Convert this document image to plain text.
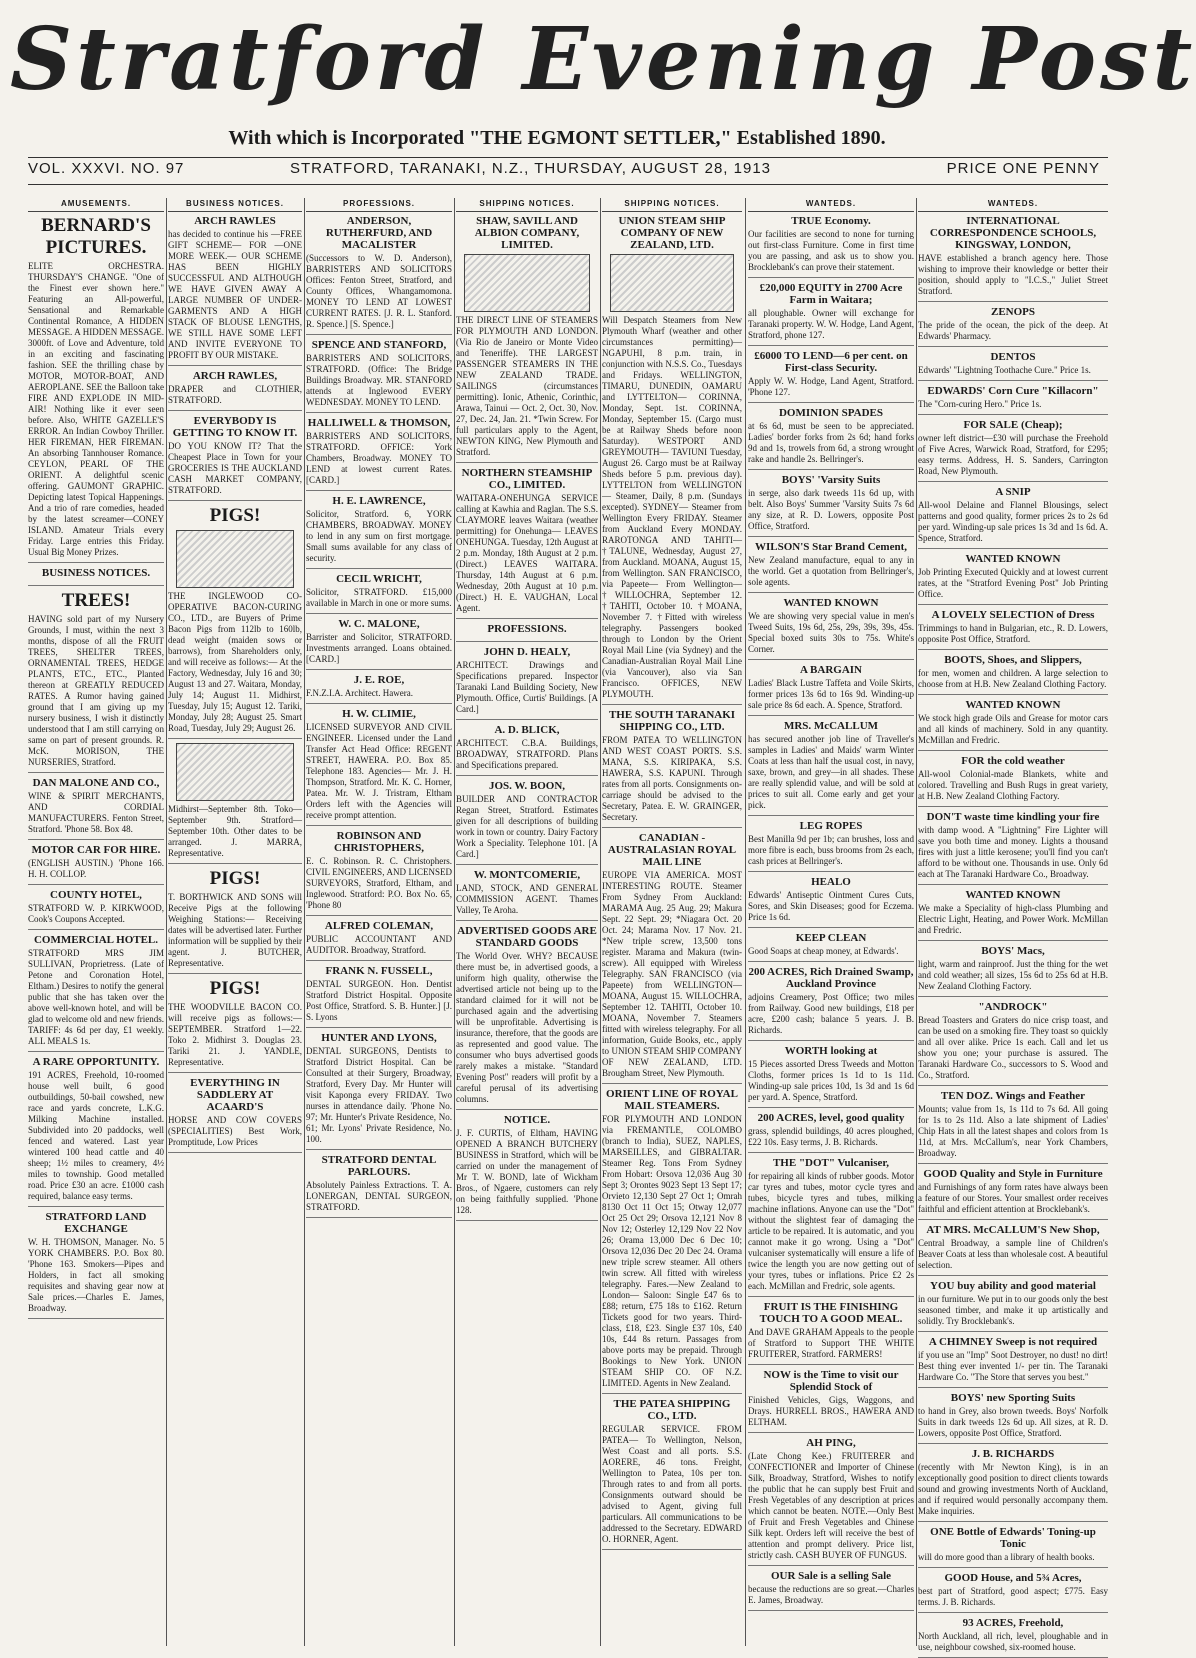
Stratford Evening Post
With which is Incorporated "THE EGMONT SETTLER," Established 1890.
VOL. XXXVI. NO. 97	STRATFORD, TARANAKI, N.Z., THURSDAY, AUGUST 28, 1913	PRICE ONE PENNY
AMUSEMENTS.
BERNARD'S PICTURES.
ELITE ORCHESTRA. THURSDAY'S CHANGE. "One of the Finest ever shown here." Featuring an All-powerful, Sensational and Remarkable Continental Romance, A HIDDEN MESSAGE. A HIDDEN MESSAGE. 3000ft. of Love and Adventure, told in an exciting and fascinating fashion. SEE the thrilling chase by MOTOR, MOTOR-BOAT, AND AEROPLANE. SEE the Balloon take FIRE AND EXPLODE IN MID-AIR! Nothing like it ever seen before. Also, WHITE GAZELLE'S ERROR. An Indian Cowboy Thriller. HER FIREMAN, HER FIREMAN. An absorbing Tannhouser Romance. CEYLON, PEARL OF THE ORIENT. A delightful scenic offering. GAUMONT GRAPHIC. Depicting latest Topical Happenings. And a trio of rare comedies, headed by the latest screamer—CONEY ISLAND. Amateur Trials every Friday. Large entries this Friday. Usual Big Money Prizes.
BUSINESS NOTICES.
TREES!
HAVING sold part of my Nursery Grounds, I must, within the next 3 months, dispose of all the FRUIT TREES, SHELTER TREES, ORNAMENTAL TREES, HEDGE PLANTS, ETC., ETC., Planted thereon at GREATLY REDUCED RATES. A Rumor having gained ground that I am giving up my nursery business, I wish it distinctly understood that I am still carrying on same on part of present grounds. R. McK. MORISON, THE NURSERIES, Stratford.
DAN MALONE AND CO.,
WINE & SPIRIT MERCHANTS, AND CORDIAL MANUFACTURERS. Fenton Street, Stratford. 'Phone 58. Box 48.
MOTOR CAR FOR HIRE.
(ENGLISH AUSTIN.) 'Phone 166. H. H. COLLOP.
COUNTY HOTEL,
STRATFORD W. P. KIRKWOOD, Cook's Coupons Accepted.
COMMERCIAL HOTEL.
STRATFORD MRS JIM SULLIVAN, Proprietress. (Late of Petone and Coronation Hotel, Eltham.) Desires to notify the general public that she has taken over the above well-known hotel, and will be glad to welcome old and new friends. TARIFF: 4s 6d per day, £1 weekly. ALL MEALS 1s.
A RARE OPPORTUNITY.
191 ACRES, Freehold, 10-roomed house well built, 6 good outbuildings, 50-bail cowshed, new race and yards concrete, L.K.G. Milking Machine installed. Subdivided into 20 paddocks, well fenced and watered. Last year wintered 100 head cattle and 40 sheep; 1½ miles to creamery, 4½ miles to township. Good metalled road. Price £30 an acre. £1000 cash required, balance easy terms.
STRATFORD LAND EXCHANGE
W. H. THOMSON, Manager. No. 5 YORK CHAMBERS. P.O. Box 80. 'Phone 163. Smokers—Pipes and Holders, in fact all smoking requisites and shaving gear now at Sale prices.—Charles E. James, Broadway.
BUSINESS NOTICES.
ARCH RAWLES
has decided to continue his —FREE GIFT SCHEME— FOR —ONE MORE WEEK.— OUR SCHEME HAS BEEN HIGHLY SUCCESSFUL AND ALTHOUGH WE HAVE GIVEN AWAY A LARGE NUMBER OF UNDER-GARMENTS AND A HIGH STACK OF BLOUSE LENGTHS, WE STILL HAVE SOME LEFT AND INVITE EVERYONE TO PROFIT BY OUR MISTAKE.
ARCH RAWLES,
DRAPER and CLOTHIER, STRATFORD.
EVERYBODY IS GETTING TO KNOW IT.
DO YOU KNOW IT? That the Cheapest Place in Town for your GROCERIES IS THE AUCKLAND CASH MARKET COMPANY, STRATFORD.
PIGS!
THE INGLEWOOD CO-OPERATIVE BACON-CURING CO., LTD., are Buyers of Prime Bacon Pigs from 112lb to 160lb, dead weight (maiden sows or barrows), from Shareholders only, and will receive as follows:— At the Factory, Wednesday, July 16 and 30; August 13 and 27. Waitara, Monday, July 14; August 11. Midhirst, Tuesday, July 15; August 12. Tariki, Monday, July 28; August 25. Smart Road, Tuesday, July 29; August 26.
Midhirst—September 8th. Toko—September 9th. Stratford—September 10th. Other dates to be arranged. J. MARRA, Representative.
PIGS!
T. BORTHWICK AND SONS will Receive Pigs at the following Weighing Stations:— Receiving dates will be advertised later. Further information will be supplied by their agent. J. BUTCHER, Representative.
PIGS!
THE WOODVILLE BACON CO. will receive pigs as follows:— SEPTEMBER. Stratford 1—22. Toko 2. Midhirst 3. Douglas 23. Tariki 21. J. YANDLE, Representative.
EVERYTHING IN SADDLERY AT ACAARD'S
HORSE AND COW COVERS (SPECIALITIES) Best Work, Promptitude, Low Prices
PROFESSIONS.
ANDERSON, RUTHERFURD, AND MACALISTER
(Successors to W. D. Anderson), BARRISTERS AND SOLICITORS Offices: Fenton Street, Stratford, and County Offices, Whangamomona. MONEY TO LEND AT LOWEST CURRENT RATES. [J. R. L. Stanford. R. Spence.] [S. Spence.]
SPENCE AND STANFORD,
BARRISTERS AND SOLICITORS, STRATFORD. (Office: The Bridge Buildings Broadway. MR. STANFORD attends at Inglewood EVERY WEDNESDAY. MONEY TO LEND.
HALLIWELL & THOMSON,
BARRISTERS AND SOLICITORS, STRATFORD. OFFICE: York Chambers, Broadway. MONEY TO LEND at lowest current Rates. [CARD.]
H. E. LAWRENCE,
Solicitor, Stratford. 6, YORK CHAMBERS, BROADWAY. MONEY to lend in any sum on first mortgage. Small sums available for any class of security.
CECIL WRICHT,
Solicitor, STRATFORD. £15,000 available in March in one or more sums.
W. C. MALONE,
Barrister and Solicitor, STRATFORD. Investments arranged. Loans obtained. [CARD.]
J. E. ROE,
F.N.Z.I.A. Architect. Hawera.
H. W. CLIMIE,
LICENSED SURVEYOR AND CIVIL ENGINEER. Licensed under the Land Transfer Act Head Office: REGENT STREET, HAWERA. P.O. Box 85. Telephone 183. Agencies— Mr. J. H. Thompson, Stratford. Mr. K. C. Horner, Patea. Mr. W. J. Tristram, Eltham Orders left with the Agencies will receive prompt attention.
ROBINSON AND CHRISTOPHERS,
E. C. Robinson. R. C. Christophers. CIVIL ENGINEERS, AND LICENSED SURVEYORS, Stratford, Eltham, and Inglewood. Stratford: P.O. Box No. 65, 'Phone 80
ALFRED COLEMAN,
PUBLIC ACCOUNTANT AND AUDITOR. Broadway, Stratford.
FRANK N. FUSSELL,
DENTAL SURGEON. Hon. Dentist Stratford District Hospital. Opposite Post Office, Stratford. S. B. Hunter.] [J. S. Lyons
HUNTER AND LYONS,
DENTAL SURGEONS, Dentists to Stratford District Hospital. Can be Consulted at their Surgery, Broadway, Stratford, Every Day. Mr Hunter will visit Kaponga every FRIDAY. Two nurses in attendance daily. 'Phone No. 97; Mr. Hunter's Private Residence, No. 61; Mr. Lyons' Private Residence, No. 100.
STRATFORD DENTAL PARLOURS.
Absolutely Painless Extractions. T. A. LONERGAN, DENTAL SURGEON, STRATFORD.
SHIPPING NOTICES.
SHAW, SAVILL AND ALBION COMPANY, LIMITED.
THE DIRECT LINE OF STEAMERS FOR PLYMOUTH AND LONDON. (Via Rio de Janeiro or Monte Video and Teneriffe). THE LARGEST PASSENGER STEAMERS IN THE NEW ZEALAND TRADE. SAILINGS (circumstances permitting). Ionic, Athenic, Corinthic, Arawa, Tainui — Oct. 2, Oct. 30, Nov. 27, Dec. 24, Jan. 21. *Twin Screw. For full particulars apply to the Agent, NEWTON KING, New Plymouth and Stratford.
NORTHERN STEAMSHIP CO., LIMITED.
WAITARA-ONEHUNGA SERVICE calling at Kawhia and Raglan. The S.S. CLAYMORE leaves Waitara (weather permitting) for Onehunga— LEAVES ONEHUNGA. Tuesday, 12th August at 2 p.m. Monday, 18th August at 2 p.m. (Direct.) LEAVES WAITARA. Thursday, 14th August at 6 p.m. Wednesday, 20th August at 10 p.m. (Direct.) H. E. VAUGHAN, Local Agent.
PROFESSIONS.
JOHN D. HEALY,
ARCHITECT. Drawings and Specifications prepared. Inspector Taranaki Land Building Society, New Plymouth. Office, Curtis' Buildings. [A Card.]
A. D. BLICK,
ARCHITECT. C.B.A. Buildings, BROADWAY, STRATFORD. Plans and Specifications prepared.
JOS. W. BOON,
BUILDER AND CONTRACTOR Regan Street, Stratford. Estimates given for all descriptions of building work in town or country. Dairy Factory Work a Speciality. Telephone 101. [A Card.]
W. MONTCOMERIE,
LAND, STOCK, AND GENERAL COMMISSION AGENT. Thames Valley, Te Aroha.
ADVERTISED GOODS ARE STANDARD GOODS
The World Over. WHY? BECAUSE there must be, in advertised goods, a uniform high quality, otherwise the advertised article not being up to the standard claimed for it will not be purchased again and the advertising will be unprofitable. Advertising is insurance, therefore, that the goods are as represented and good value. The consumer who buys advertised goods rarely makes a mistake. "Standard Evening Post" readers will profit by a careful perusal of its advertising columns.
NOTICE.
J. F. CURTIS, of Eltham, HAVING OPENED A BRANCH BUTCHERY BUSINESS in Stratford, which will be carried on under the management of Mr T. W. BOND, late of Wickham Bros., of Ngaere, customers can rely on being faithfully supplied. 'Phone 128.
SHIPPING NOTICES.
UNION STEAM SHIP COMPANY OF NEW ZEALAND, LTD.
Will Despatch Steamers from New Plymouth Wharf (weather and other circumstances permitting)— NGAPUHI, 8 p.m. train, in conjunction with N.S.S. Co., Tuesdays and Fridays. WELLINGTON, TIMARU, DUNEDIN, OAMARU and LYTTELTON— CORINNA, Monday, Sept. 1st. CORINNA, Monday, September 15. (Cargo must be at Railway Sheds before noon Saturday). WESTPORT AND GREYMOUTH— TAVIUNI Tuesday, August 26. Cargo must be at Railway Sheds before 5 p.m. previous day). LYTTELTON from WELLINGTON— Steamer, Daily, 8 p.m. (Sundays excepted). SYDNEY— Steamer from Wellington Every FRIDAY. Steamer from Auckland Every MONDAY. RAROTONGA AND TAHITI— †TALUNE, Wednesday, August 27, from Auckland. MOANA, August 15, from Wellington. SAN FRANCISCO, via Papeete— From Wellington— †WILLOCHRA, September 12. †TAHITI, October 10. †MOANA, November 7. †Fitted with wireless telegraphy. Passengers booked through to London by the Orient Royal Mail Line (via Sydney) and the Canadian-Australian Royal Mail Line (via Vancouver), also via San Francisco. OFFICES, NEW PLYMOUTH.
THE SOUTH TARANAKI SHIPPING CO., LTD.
FROM PATEA TO WELLINGTON AND WEST COAST PORTS. S.S. MANA, S.S. KIRIPAKA, S.S. HAWERA, S.S. KAPUNI. Through rates from all ports. Consignments on-carriage should be advised to the Secretary, Patea. E. W. GRAINGER, Secretary.
CANADIAN - AUSTRALASIAN ROYAL MAIL LINE
EUROPE VIA AMERICA. MOST INTERESTING ROUTE. Steamer From Sydney From Auckland: MARAMA Aug. 25 Aug. 29; Makura Sept. 22 Sept. 29; *Niagara Oct. 20 Oct. 24; Marama Nov. 17 Nov. 21. *New triple screw, 13,500 tons register. Marama and Makura (twin-screw). All equipped with Wireless Telegraphy. SAN FRANCISCO (via Papeete) from WELLINGTON— MOANA, August 15. WILLOCHRA, September 12. TAHITI, October 10. MOANA, November 7. Steamers fitted with wireless telegraphy. For all information, Guide Books, etc., apply to UNION STEAM SHIP COMPANY OF NEW ZEALAND, LTD. Brougham Street, New Plymouth.
ORIENT LINE OF ROYAL MAIL STEAMERS.
FOR PLYMOUTH AND LONDON via FREMANTLE, COLOMBO (branch to India), SUEZ, NAPLES, MARSEILLES, and GIBRALTAR. Steamer Reg. Tons From Sydney From Hobart: Orsova 12,036 Aug 30 Sept 3; Orontes 9023 Sept 13 Sept 17; Orvieto 12,130 Sept 27 Oct 1; Omrah 8130 Oct 11 Oct 15; Otway 12,077 Oct 25 Oct 29; Orsova 12,121 Nov 8 Nov 12; Osterley 12,129 Nov 22 Nov 26; Orama 13,000 Dec 6 Dec 10; Orsova 12,036 Dec 20 Dec 24. Orama new triple screw steamer. All others twin screw. All fitted with wireless telegraphy. Fares.—New Zealand to London— Saloon: Single £47 6s to £88; return, £75 18s to £162. Return Tickets good for two years. Third-class, £18, £23. Single £37 10s, £40 10s, £44 8s return. Passages from above ports may be prepaid. Through Bookings to New York. UNION STEAM SHIP CO. OF N.Z. LIMITED. Agents in New Zealand.
THE PATEA SHIPPING CO., LTD.
REGULAR SERVICE. FROM PATEA— To Wellington, Nelson, West Coast and all ports. S.S. AORERE, 46 tons. Freight, Wellington to Patea, 10s per ton. Through rates to and from all ports. Consignments outward should be advised to Agent, giving full particulars. All communications to be addressed to the Secretary. EDWARD O. HORNER, Agent.
WANTEDS.
TRUE Economy.
Our facilities are second to none for turning out first-class Furniture. Come in first time you are passing, and ask us to show you. Brocklebank's can prove their statement.
£20,000 EQUITY in 2700 Acre Farm in Waitara;
all ploughable. Owner will exchange for Taranaki property. W. W. Hodge, Land Agent, Stratford, phone 127.
£6000 TO LEND—6 per cent. on First-class Security.
Apply W. W. Hodge, Land Agent, Stratford. 'Phone 127.
DOMINION SPADES
at 6s 6d, must be seen to be appreciated. Ladies' border forks from 2s 6d; hand forks 9d and 1s, trowels from 6d, a strong wrought rake and handle 2s. Bellringer's.
BOYS' 'Varsity Suits
in serge, also dark tweeds 11s 6d up, with belt. Also Boys' Summer 'Varsity Suits 7s 6d any size, at R. D. Lowers, opposite Post Office, Stratford.
WILSON'S Star Brand Cement,
New Zealand manufacture, equal to any in the world. Get a quotation from Bellringer's, sole agents.
WANTED KNOWN
We are showing very special value in men's Tweed Suits, 19s 6d, 25s, 29s, 39s, 39s, 45s. Special boxed suits 30s to 75s. White's Corner.
A BARGAIN
Ladies' Black Lustre Taffeta and Voile Skirts, former prices 13s 6d to 16s 9d. Winding-up sale price 8s 6d each. A. Spence, Stratford.
MRS. McCALLUM
has secured another job line of Traveller's samples in Ladies' and Maids' warm Winter Coats at less than half the usual cost, in navy, saxe, brown, and grey—in all shades. These are really splendid value, and will be sold at prices to suit all. Come early and get your pick.
LEG ROPES
Best Manilla 9d per 1b; can brushes, loss and more fibre is each, buss brooms from 2s each, cash prices at Bellringer's.
HEALO
Edwards' Antiseptic Ointment Cures Cuts, Sores, and Skin Diseases; good for Eczema. Price 1s 6d.
KEEP CLEAN
Good Soaps at cheap money, at Edwards'.
200 ACRES, Rich Drained Swamp, Auckland Province
adjoins Creamery, Post Office; two miles from Railway. Good new buildings, £18 per acre, £200 cash; balance 5 years. J. B. Richards.
WORTH looking at
15 Pieces assorted Dress Tweeds and Motton Cloths, former prices 1s 1d to 1s 11d. Winding-up sale prices 10d, 1s 3d and 1s 6d per yard. A. Spence, Stratford.
200 ACRES, level, good quality
grass, splendid buildings, 40 acres ploughed, £22 10s. Easy terms, J. B. Richards.
THE "DOT" Vulcaniser,
for repairing all kinds of rubber goods. Motor car tyres and tubes, motor cycle tyres and tubes, bicycle tyres and tubes, milking machine inflations. Anyone can use the "Dot" without the slightest fear of damaging the article to be repaired. It is automatic, and you cannot make it go wrong. Using a "Dot" vulcaniser systematically will ensure a life of twice the length you are now getting out of your tyres, tubes or inflations. Price £2 2s each. McMillan and Fredric, sole agents.
FRUIT IS THE FINISHING TOUCH TO A GOOD MEAL.
And DAVE GRAHAM Appeals to the people of Stratford to Support THE WHITE FRUITERER, Stratford. FARMERS!
NOW is the Time to visit our Splendid Stock of
Finished Vehicles, Gigs, Waggons, and Drays. HURRELL BROS., HAWERA AND ELTHAM.
AH PING,
(Late Chong Kee.) FRUITERER and CONFECTIONER and Importer of Chinese Silk, Broadway, Stratford, Wishes to notify the public that he can supply best Fruit and Fresh Vegetables of any description at prices which cannot be beaten. NOTE.—Only Best of Fruit and Fresh Vegetables and Chinese Silk kept. Orders left will receive the best of attention and prompt delivery. Price list, strictly cash. CASH BUYER OF FUNGUS.
OUR Sale is a selling Sale
because the reductions are so great.—Charles E. James, Broadway.
WANTEDS.
INTERNATIONAL CORRESPONDENCE SCHOOLS, KINGSWAY, LONDON,
HAVE established a branch agency here. Those wishing to improve their knowledge or better their position, should apply to "I.C.S.," Juliet Street Stratford.
ZENOPS
The pride of the ocean, the pick of the deep. At Edwards' Pharmacy.
DENTOS
Edwards' "Lightning Toothache Cure." Price 1s.
EDWARDS' Corn Cure "Killacorn"
The "Corn-curing Hero." Price 1s.
FOR SALE (Cheap);
owner left district—£30 will purchase the Freehold of Five Acres, Warwick Road, Stratford, for £295; easy terms. Address, H. S. Sanders, Carrington Road, New Plymouth.
A SNIP
All-wool Delaine and Flannel Blousings, select patterns and good quality, former prices 2s to 2s 6d per yard. Winding-up sale prices 1s 3d and 1s 6d. A. Spence, Stratford.
WANTED KNOWN
Job Printing Executed Quickly and at lowest current rates, at the "Stratford Evening Post" Job Printing Office.
A LOVELY SELECTION of Dress
Trimmings to hand in Bulgarian, etc., R. D. Lowers, opposite Post Office, Stratford.
BOOTS, Shoes, and Slippers,
for men, women and children. A large selection to choose from at H.B. New Zealand Clothing Factory.
WANTED KNOWN
We stock high grade Oils and Grease for motor cars and all kinds of machinery. Sold in any quantity. McMillan and Fredric.
FOR the cold weather
All-wool Colonial-made Blankets, white and colored. Travelling and Bush Rugs in great variety, at H.B. New Zealand Clothing Factory.
DON'T waste time kindling your fire
with damp wood. A "Lightning" Fire Lighter will save you both time and money. Lights a thousand fires with just a little kerosene; you'll find you can't afford to be without one. Thousands in use. Only 6d each at The Taranaki Hardware Co., Broadway.
WANTED KNOWN
We make a Speciality of high-class Plumbing and Electric Light, Heating, and Power Work. McMillan and Fredric.
BOYS' Macs,
light, warm and rainproof. Just the thing for the wet and cold weather; all sizes, 15s 6d to 25s 6d at H.B. New Zealand Clothing Factory.
"ANDROCK"
Bread Toasters and Graters do nice crisp toast, and can be used on a smoking fire. They toast so quickly and all over alike. Price 1s each. Call and let us show you one; your purchase is assured. The Taranaki Hardware Co., successors to S. Wood and Co., Stratford.
TEN DOZ. Wings and Feather
Mounts; value from 1s, 1s 11d to 7s 6d. All going for 1s to 2s 11d. Also a late shipment of Ladies' Chip Hats in all the latest shapes and colors from 1s 11d, at Mrs. McCallum's, near York Chambers, Broadway.
GOOD Quality and Style in Furniture
and Furnishings of any form rates have always been a feature of our Stores. Your smallest order receives faithful and efficient attention at Brocklebank's.
AT MRS. McCALLUM'S New Shop,
Central Broadway, a sample line of Children's Beaver Coats at less than wholesale cost. A beautiful selection.
YOU buy ability and good material
in our furniture. We put in to our goods only the best seasoned timber, and make it up artistically and solidly. Try Brocklebank's.
A CHIMNEY Sweep is not required
if you use an "Imp" Soot Destroyer, no dust! no dirt! Best thing ever invented 1/- per tin. The Taranaki Hardware Co. "The Store that serves you best."
BOYS' new Sporting Suits
to hand in Grey, also brown tweeds. Boys' Norfolk Suits in dark tweeds 12s 6d up. All sizes, at R. D. Lowers, opposite Post Office, Stratford.
J. B. RICHARDS
(recently with Mr Newton King), is in an exceptionally good position to direct clients towards sound and growing investments North of Auckland, and if required would personally accompany them. Make inquiries.
ONE Bottle of Edwards' Toning-up Tonic
will do more good than a library of health books.
GOOD House, and 5¾ Acres,
best part of Stratford, good aspect; £775. Easy terms. J. B. Richards.
93 ACRES, Freehold,
North Auckland, all rich, level, ploughable and in use, neighbour cowshed, six-roomed house.
